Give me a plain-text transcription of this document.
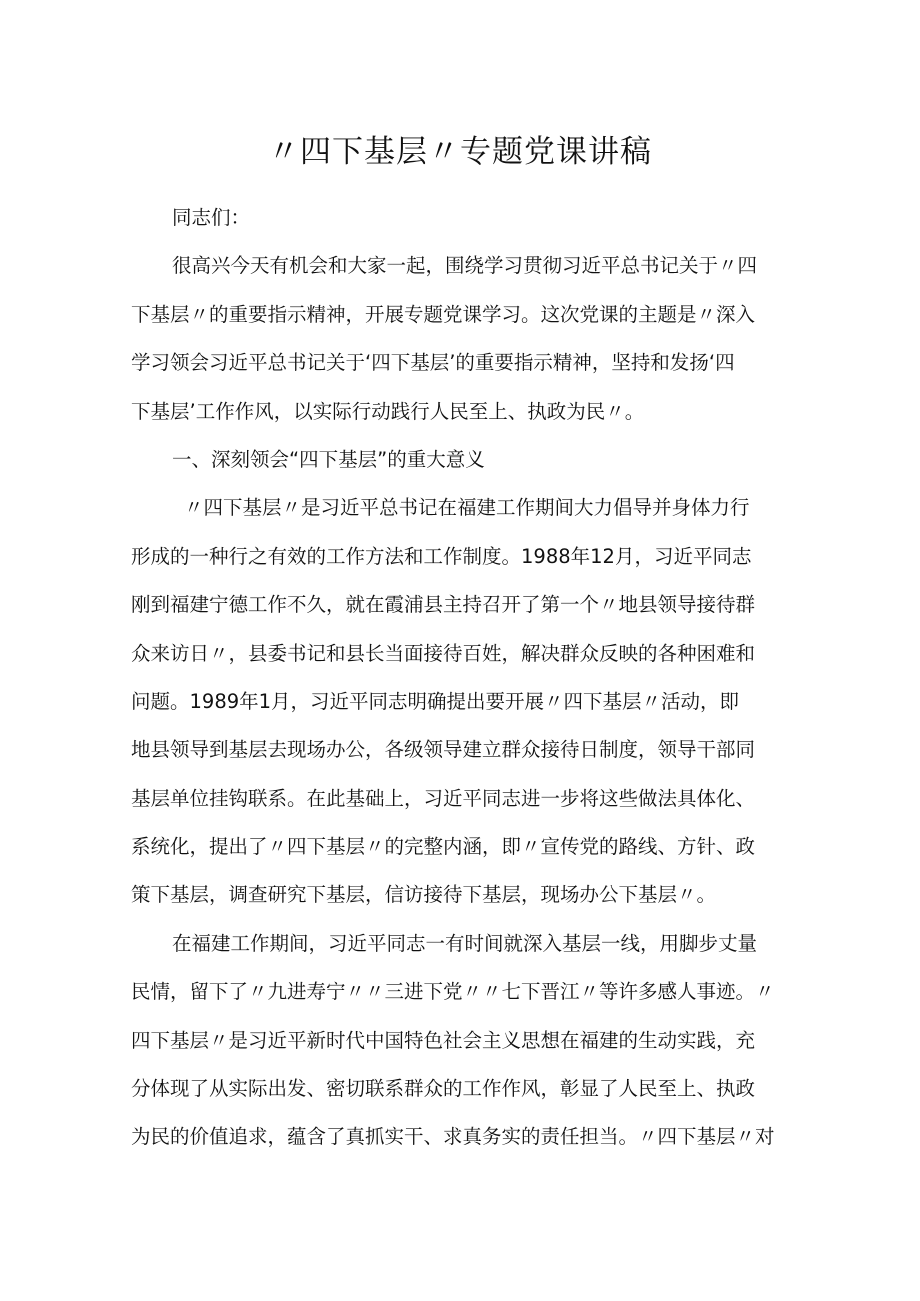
〃四下基层〃专题党课讲稿
同志们：
很高兴今天有机会和大家一起，围绕学习贯彻习近平总书记关于〃四
下基层〃的重要指示精神，开展专题党课学习。这次党课的主题是〃深入
学习领会习近平总书记关于‘四下基层’的重要指示精神，坚持和发扬‘四
下基层’工作作风，以实际行动践行人民至上、执政为民〃。
一、深刻领会“四下基层”的重大意义
〃四下基层〃是习近平总书记在福建工作期间大力倡导并身体力行
形成的一种行之有效的工作方法和工作制度。1988年12月，习近平同志
刚到福建宁德工作不久，就在霞浦县主持召开了第一个〃地县领导接待群
众来访日〃，县委书记和县长当面接待百姓，解决群众反映的各种困难和
问题。1989年1月，习近平同志明确提出要开展〃四下基层〃活动，即
地县领导到基层去现场办公，各级领导建立群众接待日制度，领导干部同
基层单位挂钩联系。在此基础上，习近平同志进一步将这些做法具体化、
系统化，提出了〃四下基层〃的完整内涵，即〃宣传党的路线、方针、政
策下基层，调查研究下基层，信访接待下基层，现场办公下基层〃。
在福建工作期间，习近平同志一有时间就深入基层一线，用脚步丈量
民情，留下了〃九进寿宁〃〃三进下党〃〃七下晋江〃等许多感人事迹。〃
四下基层〃是习近平新时代中国特色社会主义思想在福建的生动实践，充
分体现了从实际出发、密切联系群众的工作作风，彰显了人民至上、执政
为民的价值追求，蕴含了真抓实干、求真务实的责任担当。〃四下基层〃对
